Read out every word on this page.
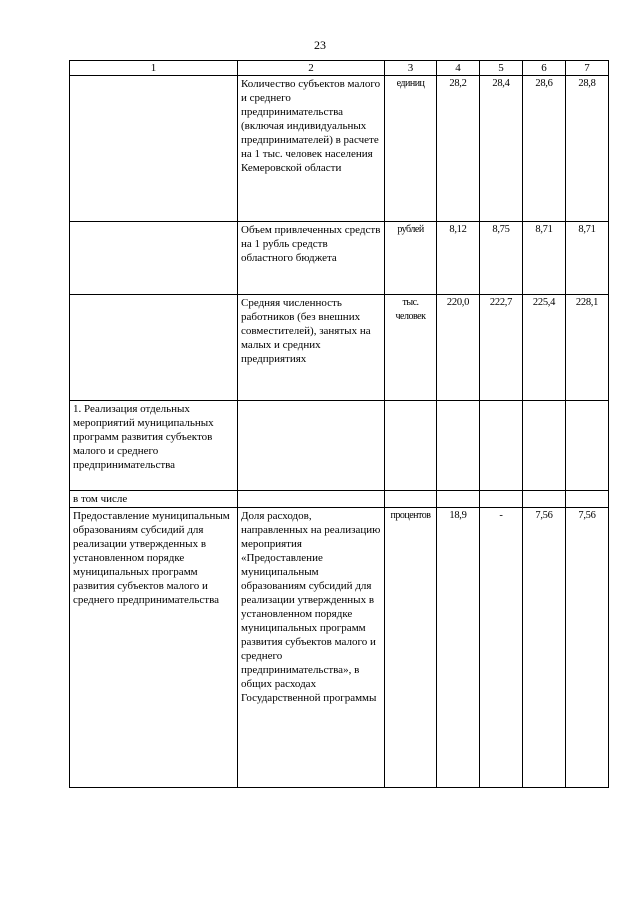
23
1	2	3	4	5	6	7
	Количество субъектов малого и среднего предпринимательства (включая индивидуальных предпринимателей) в расчете на 1 тыс. человек населения Кемеровской области	единиц	28,2	28,4	28,6	28,8
	Объем привлеченных средств на 1 рубль средств областного бюджета	рублей	8,12	8,75	8,71	8,71
	Средняя численность работников (без внешних совместителей), занятых на малых и средних предприятиях	тыс. человек	220,0	222,7	225,4	228,1
1. Реализация отдельных мероприятий муниципальных программ развития субъектов малого и среднего предпринимательства						
в том числе						
Предоставление муниципальным образованиям субсидий для реализации утвержденных в установленном порядке муниципальных программ развития субъектов малого и среднего предпринимательства	Доля расходов, направленных на реализацию мероприятия «Предоставление муниципальным образованиям субсидий для реализации утвержденных в установленном порядке муниципальных программ развития субъектов малого и среднего предпринимательства», в общих расходах Государственной программы	процентов	18,9	-	7,56	7,56
